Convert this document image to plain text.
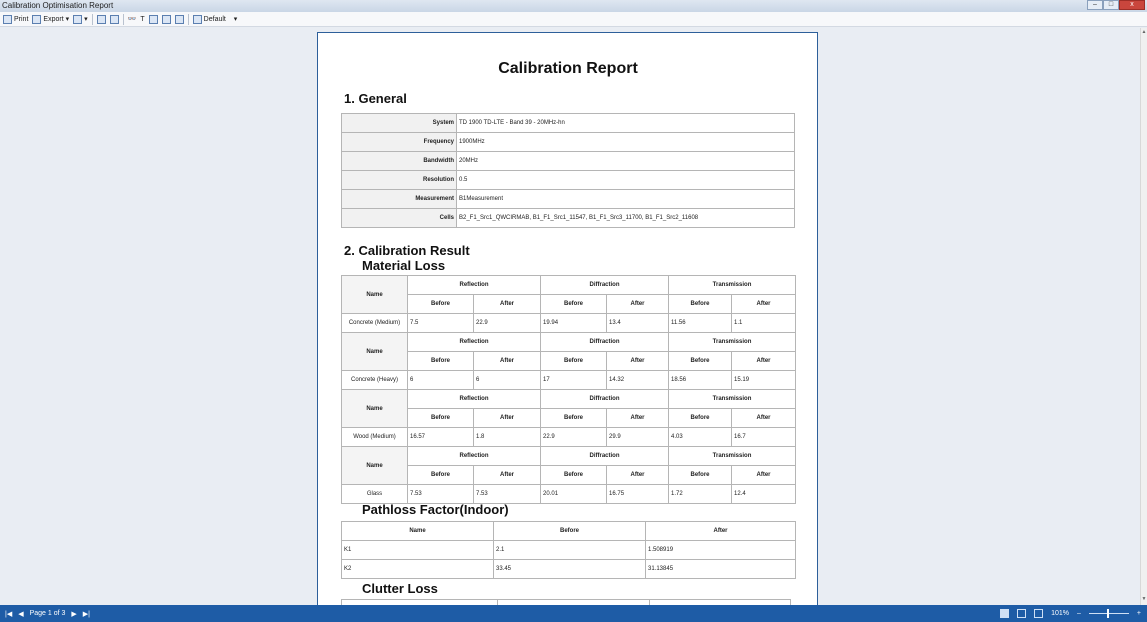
Calibration Optimisation Report	–	□	x
Print Export ▾	▾	👓 T	Default ▾
Calibration Report
1. General
System	TD 1900 TD-LTE - Band 39 - 20MHz-hn
Frequency	1900MHz
Bandwidth	20MHz
Resolution	0.5
Measurement	B1Measurement
Cells	B2_F1_Src1_QWCIRMAB, B1_F1_Src1_11547, B1_F1_Src3_11700, B1_F1_Src2_11608
2. Calibration Result
Material Loss
Name	Reflection		Diffraction		Transmission	
	Before	After	Before	After	Before	After
Concrete (Medium)	7.5	22.9	19.94	13.4	11.56	1.1
Name	Reflection		Diffraction		Transmission	
	Before	After	Before	After	Before	After
Concrete (Heavy)	6	6	17	14.32	18.56	15.19
Name	Reflection		Diffraction		Transmission	
	Before	After	Before	After	Before	After
Wood (Medium)	16.57	1.8	22.9	29.9	4.03	16.7
Name	Reflection		Diffraction		Transmission	
	Before	After	Before	After	Before	After
Glass	7.53	7.53	20.01	16.75	1.72	12.4
Pathloss Factor(Indoor)
Name	Before	After
K1	2.1	1.508919
K2	33.45	31.13845
Clutter Loss

▲
▼
|◀ ◀ Page 1 of 3 ▶ ▶|	101% –	+
